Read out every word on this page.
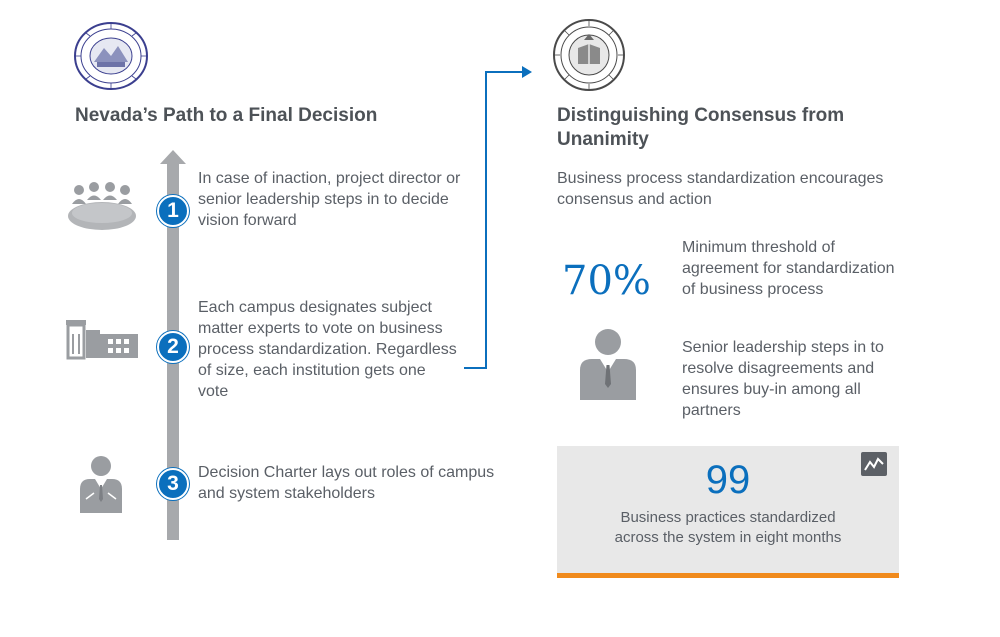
Nevada’s Path to a Final Decision
1
2
3
In case of inaction, project director or senior leadership steps in to decide vision forward
Each campus designates subject matter experts to vote on business process standardization. Regardless of size, each institution gets one vote
Decision Charter lays out roles of campus and system stakeholders
Distinguishing Consensus from Unanimity
Business process standardization encourages consensus and action
70%
Minimum threshold of agreement for standardization of business process
Senior leadership steps in to resolve disagreements and ensures buy-in among all partners
99
Business practices standardized across the system in eight months
